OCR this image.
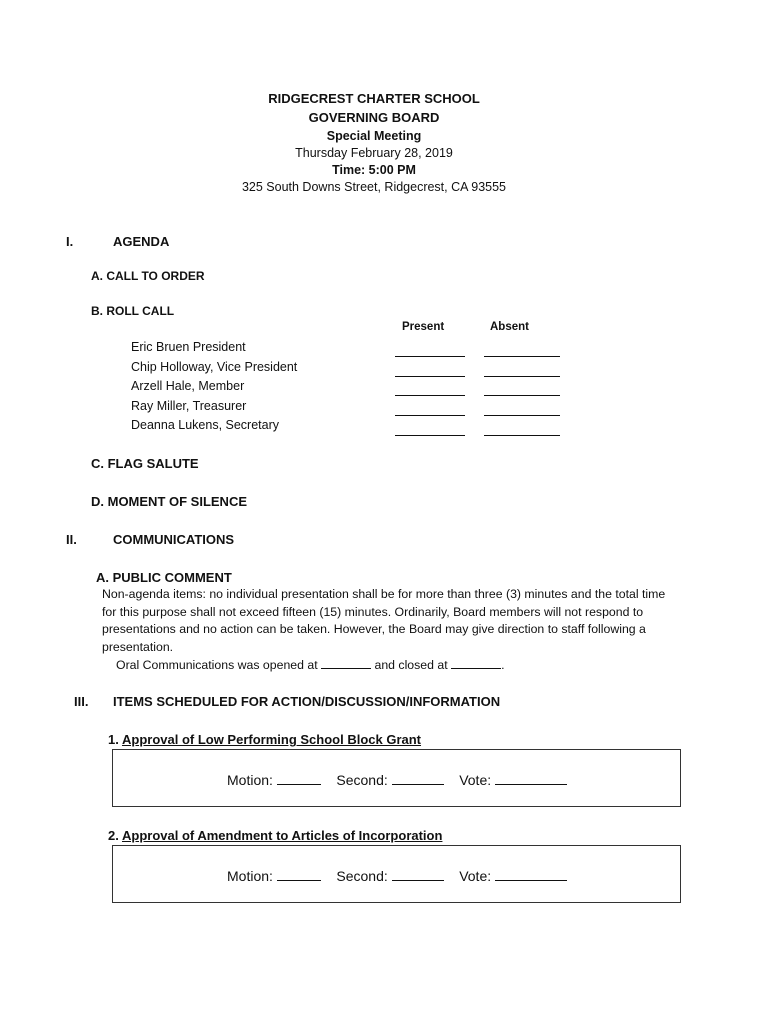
RIDGECREST CHARTER SCHOOL
GOVERNING BOARD
Special Meeting
Thursday February 28, 2019
Time: 5:00 PM
325 South Downs Street, Ridgecrest, CA 93555
I.	AGENDA
A. CALL TO ORDER
B. ROLL CALL
Present	Absent
Eric Bruen President
Chip Holloway, Vice President
Arzell Hale, Member
Ray Miller, Treasurer
Deanna Lukens, Secretary
C. FLAG SALUTE
D. MOMENT OF SILENCE
II.	COMMUNICATIONS
A. PUBLIC COMMENT
Non-agenda items: no individual presentation shall be for more than three (3) minutes and the total time for this purpose shall not exceed fifteen (15) minutes. Ordinarily, Board members will not respond to presentations and no action can be taken. However, the Board may give direction to staff following a presentation.
Oral Communications was opened at	and closed at	.
III. ITEMS SCHEDULED FOR ACTION/DISCUSSION/INFORMATION
1. Approval of Low Performing School Block Grant
Motion:	Second:	Vote:
2. Approval of Amendment to Articles of Incorporation
Motion:	Second:	Vote:
